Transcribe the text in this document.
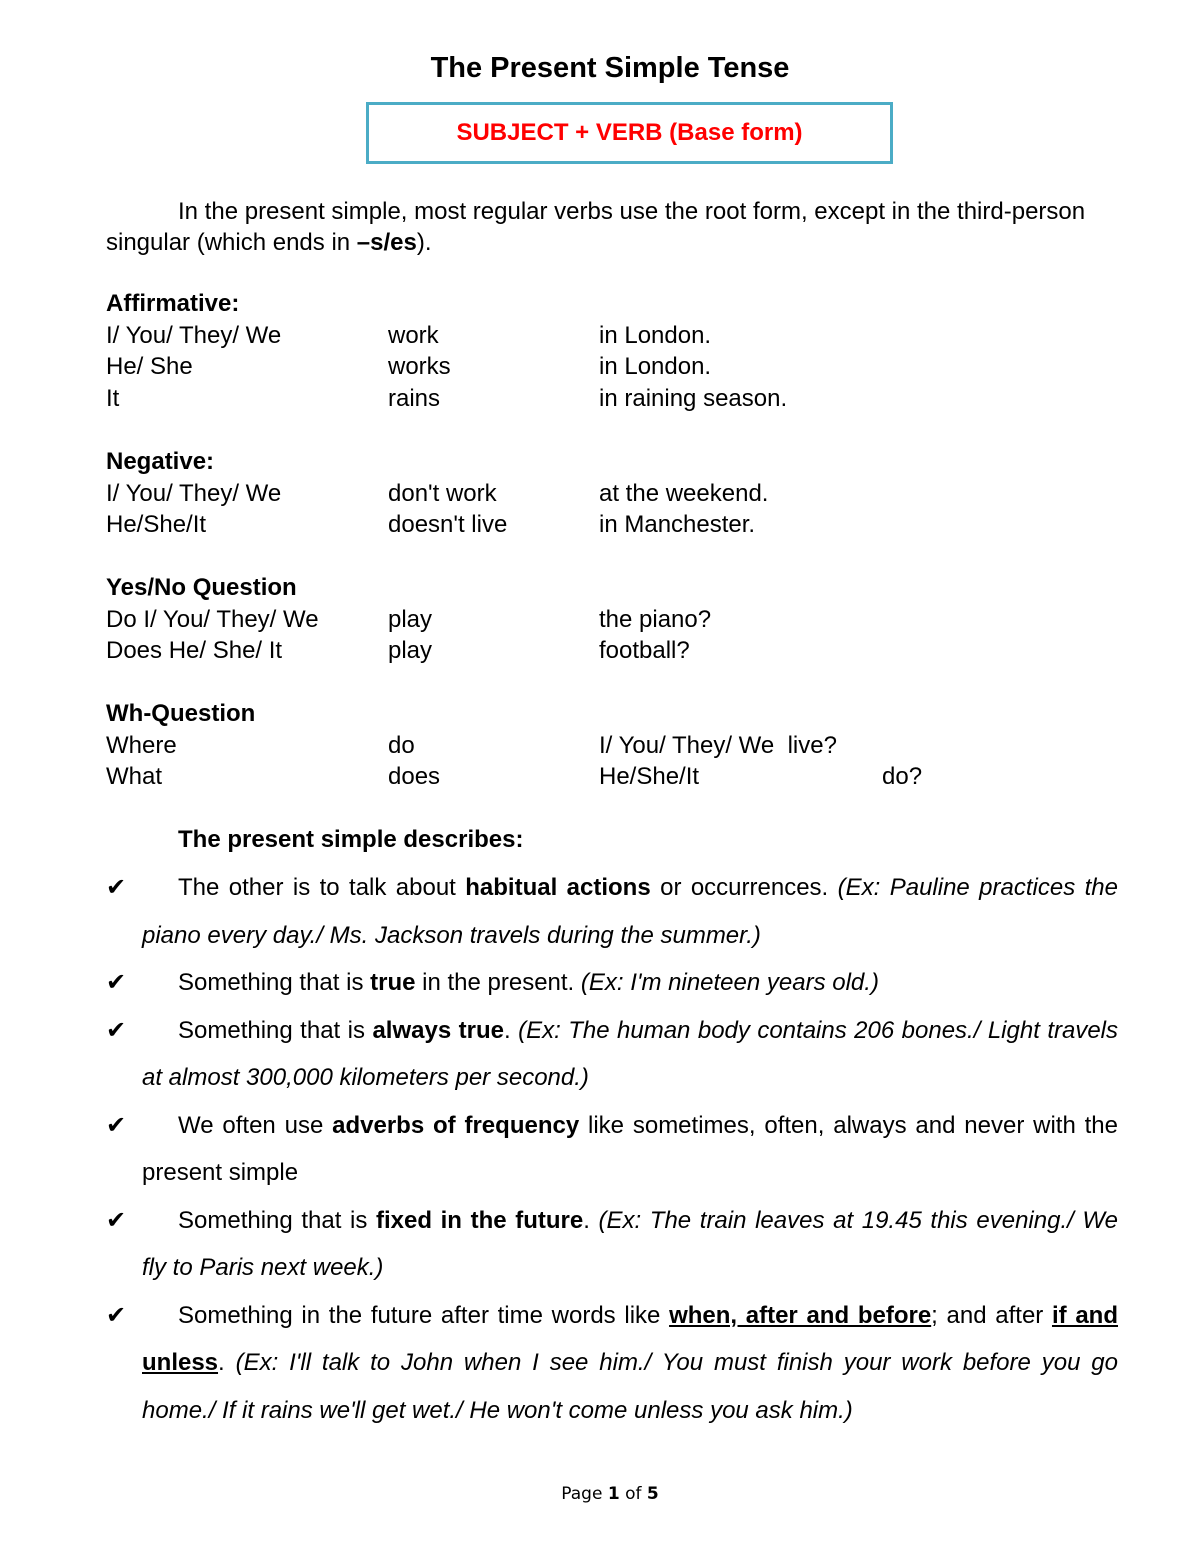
The Present Simple Tense
SUBJECT + VERB (Base form)
In the present simple, most regular verbs use the root form, except in the third-person singular (which ends in –s/es).
Affirmative:
I/ You/ They/ We	work	in London.
He/ She	works	in London.
It	rains	in raining season.
Negative:
I/ You/ They/ We	don't work	at the weekend.
He/She/It	doesn't live	in Manchester.
Yes/No Question
Do I/ You/ They/ We	play	the piano?
Does He/ She/ It	play	football?
Wh-Question
Where	do	I/ You/ They/ We  live?
What	does	He/She/It	do?
The present simple describes:
✔ The other is to talk about habitual actions or occurrences. (Ex: Pauline practices the piano every day./ Ms. Jackson travels during the summer.)
✔ Something that is true in the present. (Ex: I'm nineteen years old.)
✔ Something that is always true. (Ex: The human body contains 206 bones./ Light travels at almost 300,000 kilometers per second.)
✔ We often use adverbs of frequency like sometimes, often, always and never with the present simple
✔ Something that is fixed in the future. (Ex: The train leaves at 19.45 this evening./ We fly to Paris next week.)
✔ Something in the future after time words like when, after and before; and after if and unless. (Ex: I'll talk to John when I see him./ You must finish your work before you go home./ If it rains we'll get wet./ He won't come unless you ask him.)
Page 1 of 5
